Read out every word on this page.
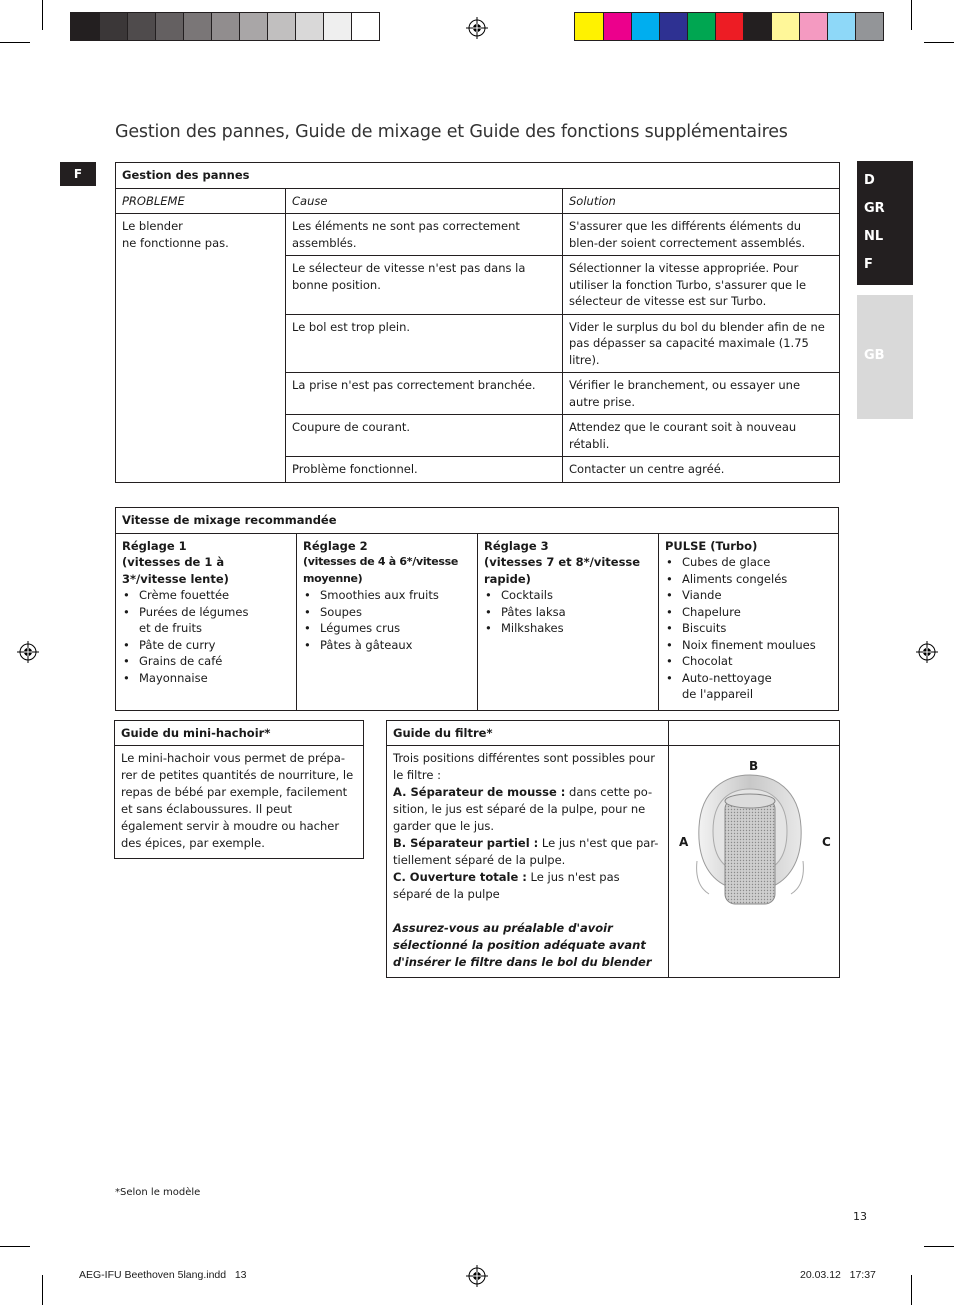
Gestion des pannes, Guide de mixage et Guide des fonctions supplémentaires
F	D
GR
NL
F
GB
Gestion des pannes		
PROBLEME	Cause	Solution
Le blender
ne fonctionne pas.	Les éléments ne sont pas correctement assemblés.	S'assurer que les différents éléments du blen-der soient correctement assemblés.
	Le sélecteur de vitesse n'est pas dans la bonne position.	Sélectionner la vitesse appropriée. Pour utiliser la fonction Turbo, s'assurer que le sélecteur de vitesse est sur Turbo.
	Le bol est trop plein.	Vider le surplus du bol du blender afin de ne pas dépasser sa capacité maximale (1.75 litre).
	La prise n'est pas correctement branchée.	Vérifier le branchement, ou essayer une autre prise.
	Coupure de courant.	Attendez que le courant soit à nouveau rétabli.
	Problème fonctionnel.	Contacter un centre agréé.
Vitesse de mixage recommandée

Réglage 1
(vitesses de 1 à 3*/vitesse lente)
• Crème fouettée
• Purées de légumes
et de fruits
• Pâte de curry
• Grains de café
• Mayonnaise

Réglage 2
(vitesses de 4 à 6*/vitesse moyenne)
• Smoothies aux fruits
• Soupes
• Légumes crus
• Pâtes à gâteaux

Réglage 3
(vitesses 7 et 8*/vitesse rapide)
• Cocktails
• Pâtes laksa
• Milkshakes

PULSE (Turbo)
• Cubes de glace
• Aliments congelés
• Viande
• Chapelure
• Biscuits
• Noix finement moulues
• Chocolat
• Auto-nettoyage
de l'appareil
Guide du mini-hachoir*
Le mini-hachoir vous permet de prépa-rer de petites quantités de nourriture, le repas de bébé par exemple, facilement et sans éclaboussures. Il peut également servir à moudre ou hacher des épices, par exemple.
Guide du filtre*
Trois positions différentes sont possibles pour le filtre :
A. Séparateur de mousse : dans cette po-sition, le jus est séparé de la pulpe, pour ne garder que le jus.
B. Séparateur partiel : Le jus n'est que par-tiellement séparé de la pulpe.
C. Ouverture totale : Le jus n'est pas séparé de la pulpe
Assurez-vous au préalable d'avoir sélectionné la position adéquate avant d'insérer le filtre dans le bol du blender
B
A	C
*Selon le modèle
13
AEG-IFU Beethoven 5lang.indd   13	20.03.12   17:37
